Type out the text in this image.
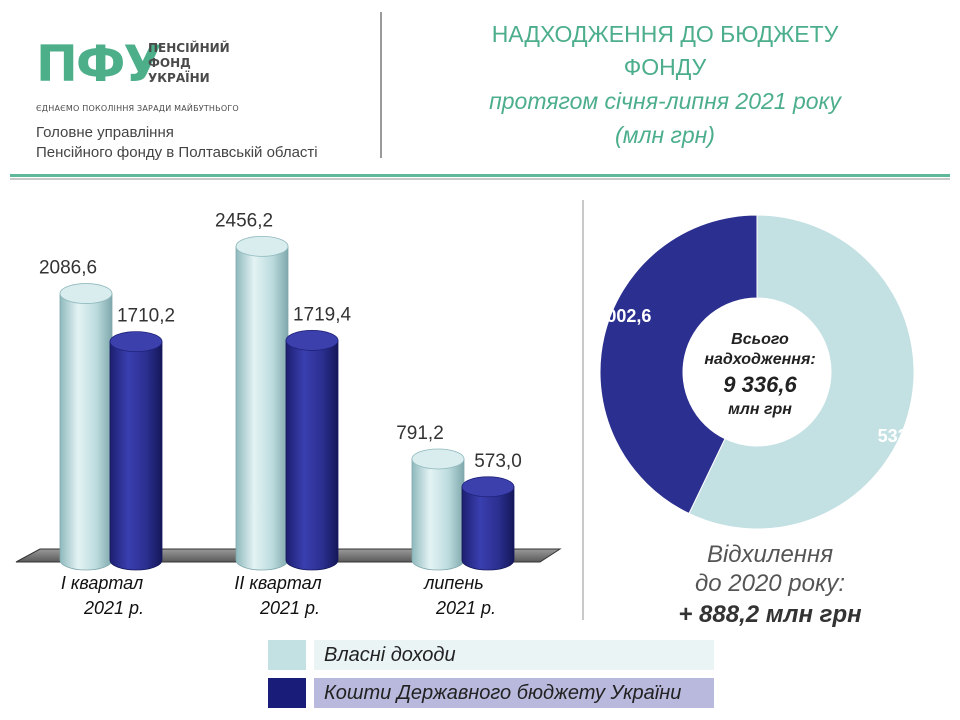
ПФУ
ПЕНСІЙНИЙ
ФОНД
УКРАЇНИ
ЄДНАЄМО ПОКОЛІННЯ ЗАРАДИ МАЙБУТНЬОГО
Головне управління
Пенсійного фонду в Полтавській області
НАДХОДЖЕННЯ ДО БЮДЖЕТУ
ФОНДУ
протягом січня-липня 2021 року
(млн грн)
2086,6
1710,2
2456,2
1719,4
791,2
573,0
І квартал 2021 р.
ІІ квартал 2021 р.
липень 2021 р.
5334
4002,6
Всього
надходження:
9 336,6
млн грн
Відхилення
до 2020 року:
+ 888,2 млн грн
Власні доходи
Кошти Державного бюджету України
